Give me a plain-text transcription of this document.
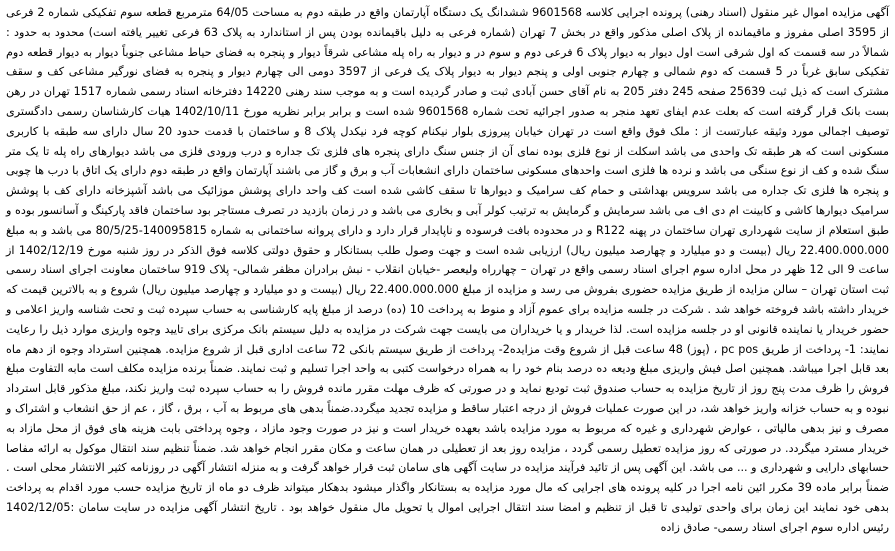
آگهی مزایده اموال غیر منقول (اسناد رهنی) پرونده اجرایی کلاسه 9601568 ششدانگ یک دستگاه آپارتمان واقع در طبقه دوم به مساحت 64/05 مترمربع قطعه سوم تفکیکی شماره 2 فرعی از 3595 اصلی مفروز و ماقیمانده از پلاک اصلی مذکور واقع در بخش 7 تهران (شماره فرعی به دلیل باقیمانده بودن پس از استاندارد به پلاک 63 فرعی تغییر یافته است) محدود به حدود : شمالاً در سه قسمت که اول شرقی است اول دیوار به دیوار پلاک 6 فرعی دوم و سوم در و دیوار به راه پله مشاعی شرقاً دیوار و پنجره به فضای حیاط مشاعی جنوباً دیوار به دیوار قطعه دوم تفکیکی سابق غرباً در 5 قسمت که دوم شمالی و چهارم جنوبی اولی و پنجم دیوار به دیوار پلاک یک فرعی از 3597 دومی الی چهارم دیوار و پنجره به فضای نورگیر مشاعی کف و سقف مشترک است که ذیل ثبت 25639 صفحه 245 دفتر 205 به نام آقای حسن آبادی ثبت و صادر گردیده است و به موجب سند رهنی 14220 دفترخانه اسناد رسمی شماره 1517 تهران در رهن بست بانک قرار گرفته است که بعلت عدم ایفای تعهد منجر به صدور اجرائیه تحت شماره 9601568 شده است و برابر برابر نظریه مورخ 1402/10/11 هیات کارشناسان رسمی دادگستری توصیف اجمالی مورد وثیقه عبارتست از : ملک فوق واقع است در تهران خیابان پیروزی بلوار نیکنام کوچه فرد نیکدل پلاک 8 و ساختمان با قدمت حدود 20 سال دارای سه طبقه با کاربری مسکونی است که هر طبقه تک واحدی می باشد اسکلت از نوع فلزی بوده نمای آن از جنس سنگ دارای پنجره های فلزی تک جداره و درب ورودی فلزی می باشد دیوارهای راه پله تا یک متر سنگ شده و کف از نوع سنگی می باشد و نرده ها فلزی است واحدهای مسکونی ساختمان دارای انشعابات آب و برق و گاز می باشند آپارتمان واقع در طبقه دوم دارای یک اتاق با درب ها چوبی و پنجره ها فلزی تک جداره می باشد سرویس بهداشتی و حمام کف سرامیک و دیوارها تا سقف کاشی شده است کف واحد دارای پوشش موزائیک می باشد آشپزخانه دارای کف با پوشش سرامیک دیوارها کاشی و کابینت ام دی اف می باشد سرمایش و گرمایش به ترتیب کولر آبی و بخاری می باشد و در زمان بازدید در تصرف مستاجر بود ساختمان فاقد پارکینگ و آسانسور بوده و طبق استعلام از سایت شهرداری تهران ساختمان در پهنه R122 و در محدوده بافت فرسوده و ناپایدار قرار دارد و دارای پروانه ساختمانی به شماره 140095815-80/5/25 می باشد و به مبلغ 22.400.000.000 ریال (بیست و دو میلیارد و چهارصد میلیون ریال) ارزیابی شده است و جهت وصول طلب بستانکار و حقوق دولتی کلاسه فوق الذکر در روز شنبه مورخ 1402/12/19 از ساعت 9 الی 12 ظهر در محل اداره سوم اجرای اسناد رسمی واقع در تهران – چهارراه ولیعصر -خیابان انقلاب - نبش برادران مظفر شمالی- پلاک 919 ساختمان معاونت اجرای اسناد رسمی ثبت استان تهران – سالن مزایده از طریق مزایده حضوری بفروش می رسد و مزایده از مبلغ 22.400.000.000 ریال (بیست و دو میلیارد و چهارصد میلیون ریال) شروع و به بالاترین قیمت که خریدار داشته باشد فروخته خواهد شد . شرکت در جلسه مزایده برای عموم آزاد و منوط به پرداخت 10 (ده) درصد از مبلغ پایه کارشناسی به حساب سپرده ثبت و تحت شناسه واریز اعلامی و حضور خریدار یا نماینده قانونی او در جلسه مزایده است. لذا خریدار و یا خریداران می بایست جهت شرکت در مزایده به دلیل سیستم بانک مرکزی برای تایید وجوه واریزی موارد ذیل را رعایت نمایند: 1- پرداخت از طریق pc pos ، (پوز) 48 ساعت قبل از شروع وقت مزایده2- پرداخت از طریق سیستم بانکی 72 ساعت اداری قبل از شروع مزایده. همچنین استرداد وجوه از دهم ماه بعد قابل اجرا میباشد. همچنین اصل فیش واریزی مبلغ ودیعه ده درصد بنام خود را به همراه درخواست کتبی به واحد اجرا تسلیم و ثبت نمایند. ضمناً برنده مزایده مکلف است مابه التفاوت مبلغ فروش را ظرف مدت پنج روز از تاریخ مزایده به حساب صندوق ثبت تودیع نماید و در صورتی که ظرف مهلت مقرر مانده فروش را به حساب سپرده ثبت واریز نکند، مبلغ مذکور قابل استرداد نبوده و به حساب خزانه واریز خواهد شد، در این صورت عملیات فروش از درجه اعتبار ساقط و مزایده تجدید میگردد.ضمناً بدهی های مربوط به آب ، برق ، گاز ، عم از حق انشعاب و اشتراک و مصرف و نیز بدهی مالیاتی ، عوارض شهرداری و غیره که مربوط به مورد مزایده باشد بعهده خریدار است و نیز در صورت وجود مازاد ، وجوه پرداختی بابت هزینه های فوق از محل مازاد به خریدار مسترد میگردد. در صورتی که روز مزایده تعطیل رسمی گردد ، مزایده روز بعد از تعطیلی در همان ساعت و مکان مقرر انجام خواهد شد. ضمناً تنظیم سند انتقال موکول به ارائه مفاصا حسابهای دارایی و شهرداری و ... می باشد. این آگهی پس از تائید فرآیند مزایده در سایت آگهی های سامان ثبت قرار خواهد گرفت و به منزله انتشار آگهی در روزنامه کثیر الانتشار محلی است . ضمناً برابر ماده 39 مکرر ائین نامه اجرا در کلیه پرونده های اجرایی که مال مورد مزایده به بستانکار واگذار میشود بدهکار میتواند ظرف دو ماه از تاریخ مزایده حسب مورد اقدام به پرداخت بدهی خود نمایند این زمان برای واحدی تولیدی تا قبل از تنظیم و امضا سند انتقال اجرایی اموال یا تحویل مال منقول خواهد بود . تاریخ انتشار آگهی مزایده در سایت سامان :1402/12/05 رئیس اداره سوم اجرای اسناد رسمی- صادق زاده
